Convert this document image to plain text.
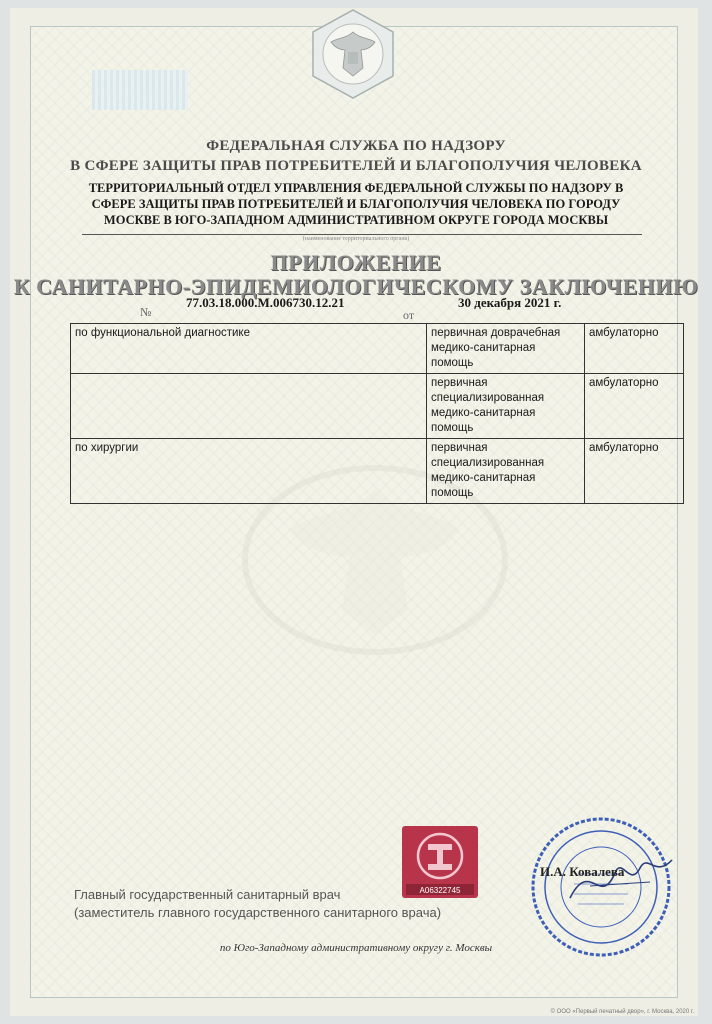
ФЕДЕРАЛЬНАЯ СЛУЖБА ПО НАДЗОРУ
В СФЕРЕ ЗАЩИТЫ ПРАВ ПОТРЕБИТЕЛЕЙ И БЛАГОПОЛУЧИЯ ЧЕЛОВЕКА
ТЕРРИТОРИАЛЬНЫЙ ОТДЕЛ УПРАВЛЕНИЯ ФЕДЕРАЛЬНОЙ СЛУЖБЫ ПО НАДЗОРУ В
СФЕРЕ ЗАЩИТЫ ПРАВ ПОТРЕБИТЕЛЕЙ И БЛАГОПОЛУЧИЯ ЧЕЛОВЕКА ПО ГОРОДУ
МОСКВЕ В ЮГО-ЗАПАДНОМ АДМИНИСТРАТИВНОМ ОКРУГЕ ГОРОДА МОСКВЫ
(наименование территориального органа)
ПРИЛОЖЕНИЕ
К САНИТАРНО-ЭПИДЕМИОЛОГИЧЕСКОМУ ЗАКЛЮЧЕНИЮ
№
77.03.18.000.М.006730.12.21
от
30 декабря 2021 г.
по функциональной диагностике	первичная доврачебная медико-санитарная помощь	амбулаторно
	первичная специализированная медико-санитарная помощь	амбулаторно
по хирургии	первичная специализированная медико-санитарная помощь	амбулаторно
А06322745
Главный государственный санитарный врач
(заместитель главного государственного санитарного врача)
И.А. Ковалева
по Юго-Западному административному округу г. Москвы
© ООО «Первый печатный двор», г. Москва, 2020 г.
